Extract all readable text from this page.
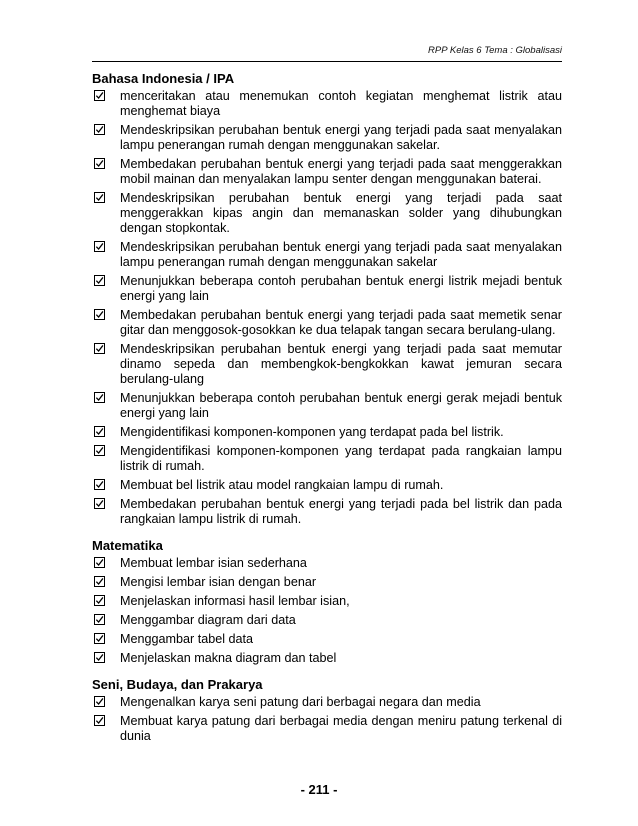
RPP Kelas 6 Tema : Globalisasi
Bahasa Indonesia / IPA
menceritakan atau menemukan contoh kegiatan menghemat listrik atau menghemat biaya
Mendeskripsikan perubahan bentuk energi yang terjadi pada saat menyalakan lampu penerangan rumah dengan menggunakan sakelar.
Membedakan perubahan bentuk energi yang terjadi pada saat menggerakkan mobil mainan dan menyalakan lampu senter dengan menggunakan baterai.
Mendeskripsikan perubahan bentuk energi yang terjadi pada saat menggerakkan kipas angin dan memanaskan solder yang dihubungkan dengan stopkontak.
Mendeskripsikan perubahan bentuk energi yang terjadi pada saat menyalakan lampu penerangan rumah dengan menggunakan sakelar
Menunjukkan beberapa contoh perubahan bentuk energi listrik mejadi bentuk energi yang lain
Membedakan perubahan bentuk energi yang terjadi pada saat memetik senar gitar dan menggosok-gosokkan ke dua telapak tangan secara berulang-ulang.
Mendeskripsikan perubahan bentuk energi yang terjadi pada saat memutar dinamo sepeda dan membengkok-bengkokkan kawat jemuran secara berulang-ulang
Menunjukkan beberapa contoh perubahan bentuk energi gerak mejadi bentuk energi yang lain
Mengidentifikasi komponen-komponen yang terdapat pada bel listrik.
Mengidentifikasi komponen-komponen yang terdapat pada rangkaian lampu listrik di rumah.
Membuat bel listrik atau model rangkaian lampu di rumah.
Membedakan perubahan bentuk energi yang terjadi pada bel listrik dan pada rangkaian lampu listrik di rumah.
Matematika
Membuat lembar isian sederhana
Mengisi lembar isian dengan benar
Menjelaskan informasi hasil lembar isian,
Menggambar diagram dari data
Menggambar tabel data
Menjelaskan makna diagram dan tabel
Seni, Budaya, dan Prakarya
Mengenalkan karya seni patung dari berbagai negara dan media
Membuat karya patung dari berbagai media dengan meniru patung terkenal di dunia
- 211 -
